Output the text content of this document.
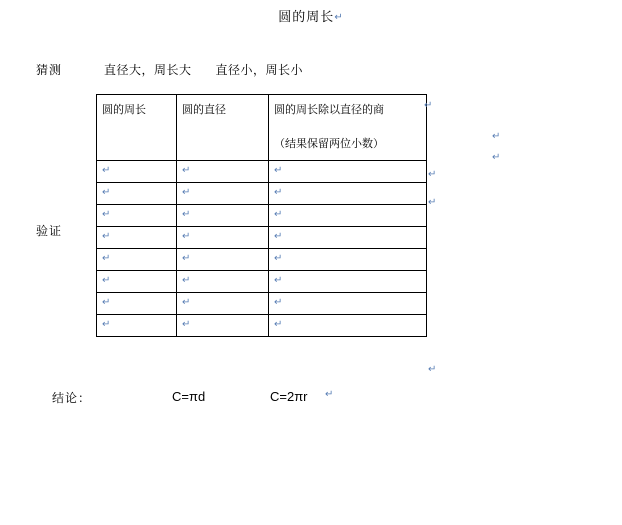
圆的周长↵
猜测	直径大，周长大 直径小，周长小
验证
圆的周长	圆的直径	圆的周长除以直径的商
（结果保留两位小数）

↵	↵	↵
↵	↵	↵
↵	↵	↵
↵	↵	↵
↵	↵	↵
↵	↵	↵
↵	↵	↵
↵	↵	↵
结论：	C=πd	C=2πr
↵
↵
↵
↵
↵
↵
↵
